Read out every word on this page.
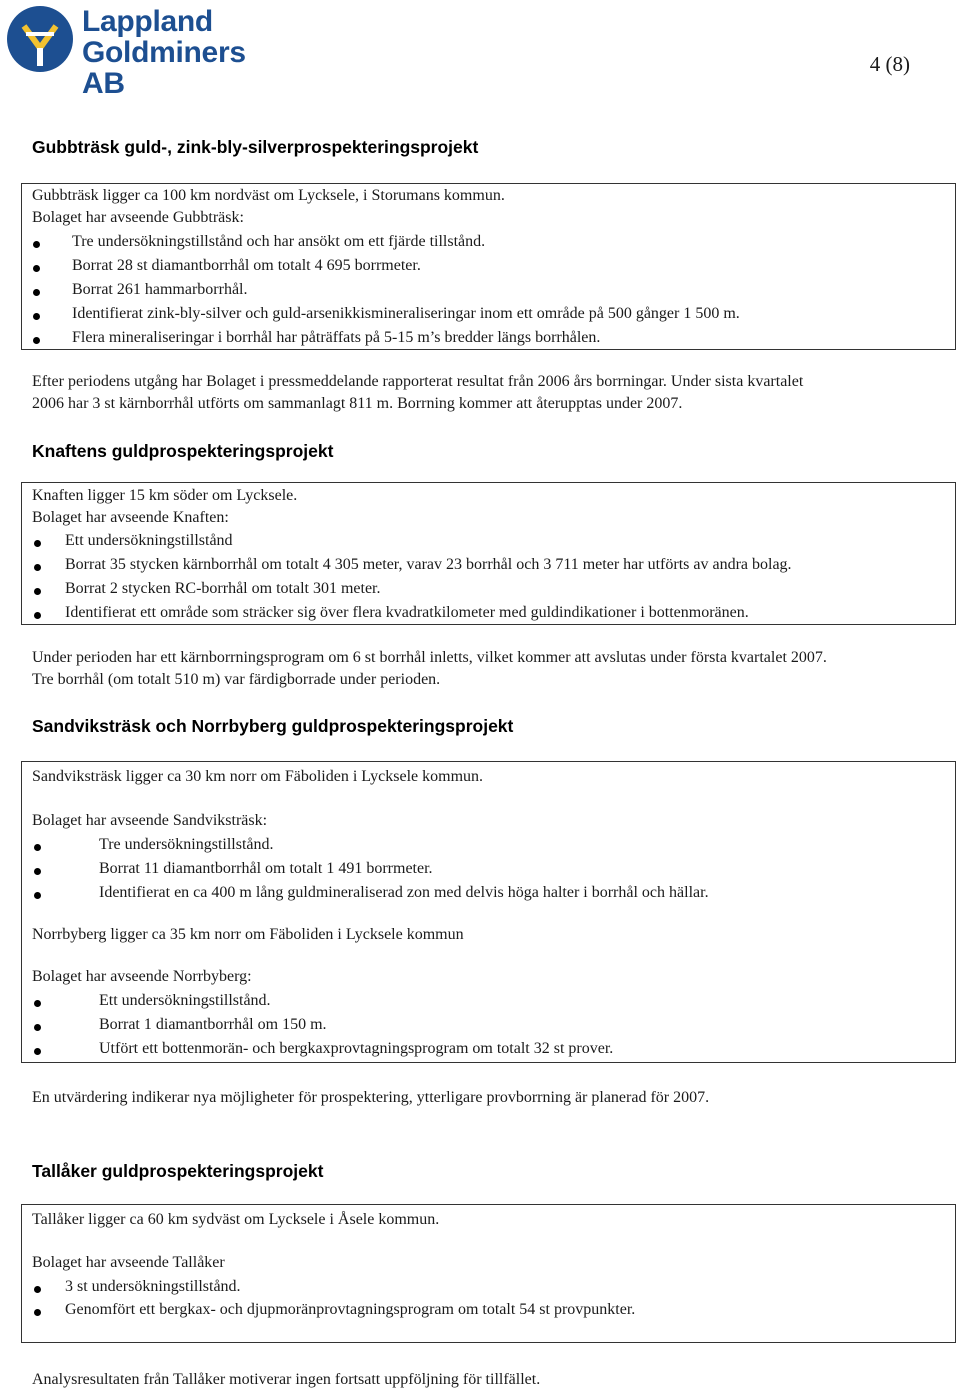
Lappland
Goldminers AB
4 (8)
Gubbträsk guld-, zink-bly-silverprospekteringsprojekt
Gubbträsk ligger ca 100 km nordväst om Lycksele, i Storumans kommun.
Bolaget har avseende Gubbträsk:
Tre undersökningstillstånd och har ansökt om ett fjärde tillstånd.
Borrat 28 st diamantborrhål om totalt 4 695 borrmeter.
Borrat 261 hammarborrhål.
Identifierat zink-bly-silver och guld-arsenikkismineraliseringar inom ett område på 500 gånger 1 500 m.
Flera mineraliseringar i borrhål har påträffats på 5-15 m’s bredder längs borrhålen.
Efter periodens utgång har Bolaget i pressmeddelande rapporterat resultat från 2006 års borrningar. Under sista kvartalet
2006 har 3 st kärnborrhål utförts om sammanlagt 811 m. Borrning kommer att återupptas under 2007.
Knaftens guldprospekteringsprojekt
Knaften ligger 15 km söder om Lycksele.
Bolaget har avseende Knaften:
Ett undersökningstillstånd
Borrat 35 stycken kärnborrhål om totalt 4 305 meter, varav 23 borrhål och 3 711 meter har utförts av andra bolag.
Borrat 2 stycken RC-borrhål om totalt 301 meter.
Identifierat ett område som sträcker sig över flera kvadratkilometer med guldindikationer i bottenmoränen.
Under perioden har ett kärnborrningsprogram om 6 st borrhål inletts, vilket kommer att avslutas under första kvartalet 2007.
Tre borrhål (om totalt 510 m) var färdigborrade under perioden.
Sandviksträsk och Norrbyberg guldprospekteringsprojekt
Sandviksträsk ligger ca 30 km norr om Fäboliden i Lycksele kommun.
Bolaget har avseende Sandviksträsk:
Tre undersökningstillstånd.
Borrat 11 diamantborrhål om totalt 1 491 borrmeter.
Identifierat en ca 400 m lång guldmineraliserad zon med delvis höga halter i borrhål och hällar.
Norrbyberg ligger ca 35 km norr om Fäboliden i Lycksele kommun
Bolaget har avseende Norrbyberg:
Ett undersökningstillstånd.
Borrat 1 diamantborrhål om 150 m.
Utfört ett bottenmorän- och bergkaxprovtagningsprogram om totalt 32 st prover.
En utvärdering indikerar nya möjligheter för prospektering, ytterligare provborrning är planerad för 2007.
Tallåker guldprospekteringsprojekt
Tallåker ligger ca 60 km sydväst om Lycksele i Åsele kommun.
Bolaget har avseende Tallåker
3 st undersökningstillstånd.
Genomfört ett bergkax- och djupmoränprovtagningsprogram om totalt 54 st provpunkter.
Analysresultaten från Tallåker motiverar ingen fortsatt uppföljning för tillfället.
